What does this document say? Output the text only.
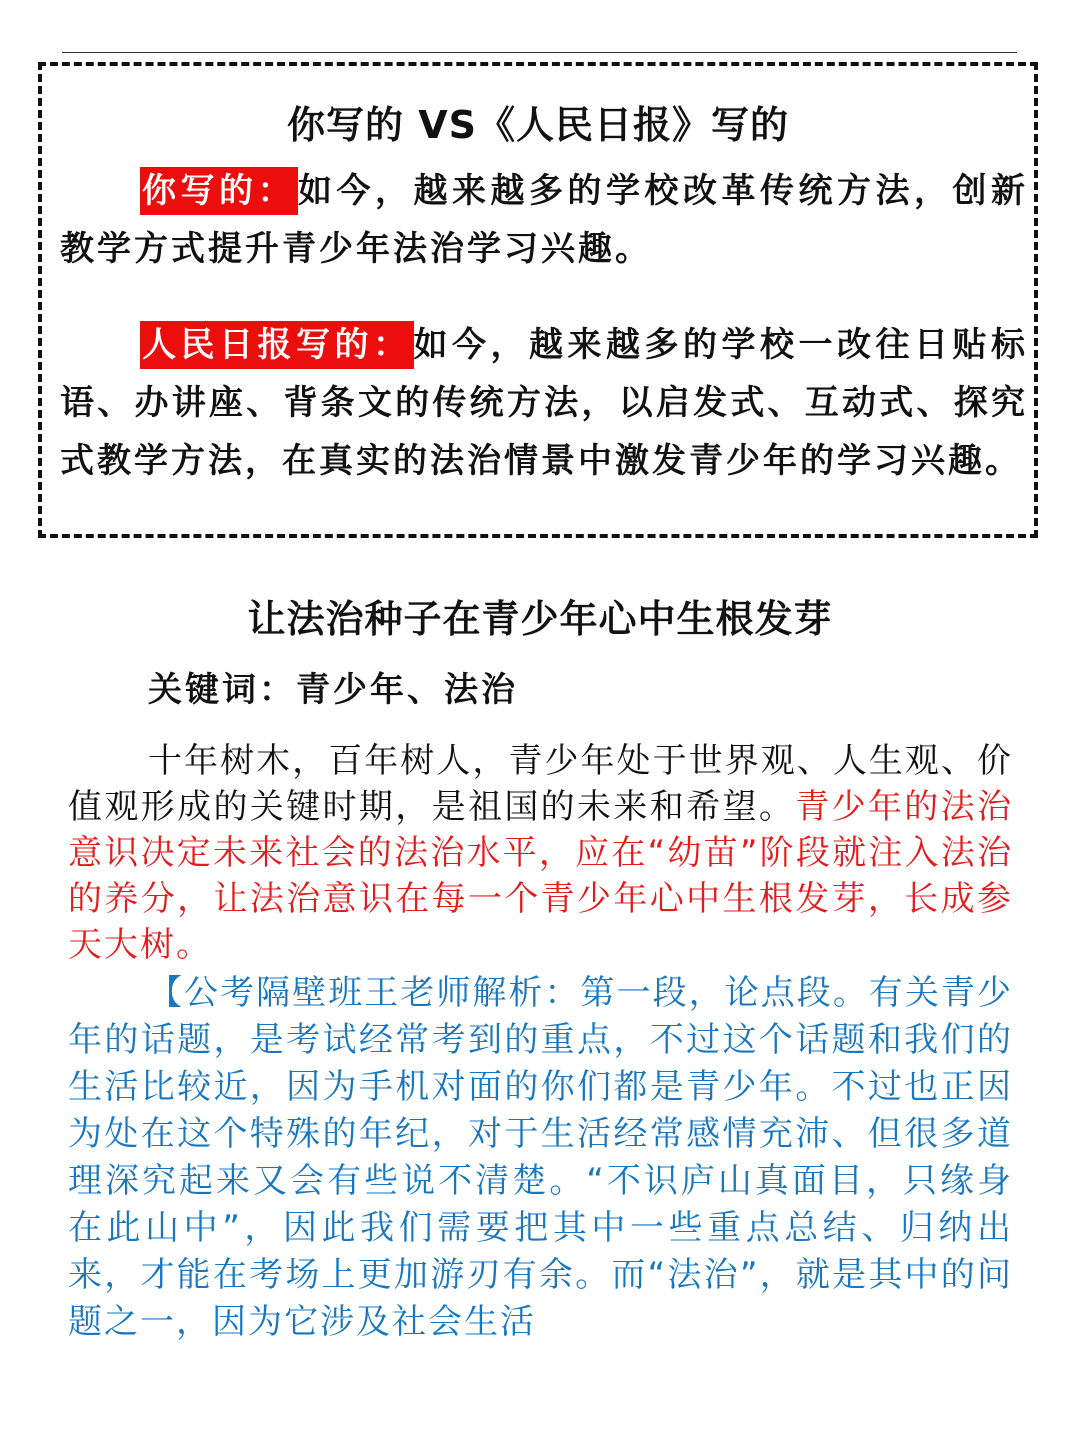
你写的 VS《人民日报》写的

你写的：如今，越来越多的学校改革传统方法，创新教学方式提升青少年法治学习兴趣。

人民日报写的：如今，越来越多的学校一改往日贴标语、办讲座、背条文的传统方法，以启发式、互动式、探究式教学方法，在真实的法治情景中激发青少年的学习兴趣。

让法治种子在青少年心中生根发芽
关键词：青少年、法治

十年树木，百年树人，青少年处于世界观、人生观、价值观形成的关键时期，是祖国的未来和希望。青少年的法治意识决定未来社会的法治水平，应在“幼苗”阶段就注入法治的养分，让法治意识在每一个青少年心中生根发芽，长成参天大树。

【公考隔壁班王老师解析：第一段，论点段。有关青少年的话题，是考试经常考到的重点，不过这个话题和我们的生活比较近，因为手机对面的你们都是青少年。不过也正因为处在这个特殊的年纪，对于生活经常感情充沛、但很多道理深究起来又会有些说不清楚。“不识庐山真面目，只缘身在此山中”，因此我们需要把其中一些重点总结、归纳出来，才能在考场上更加游刃有余。而“法治”，就是其中的问题之一，因为它涉及社会生活
